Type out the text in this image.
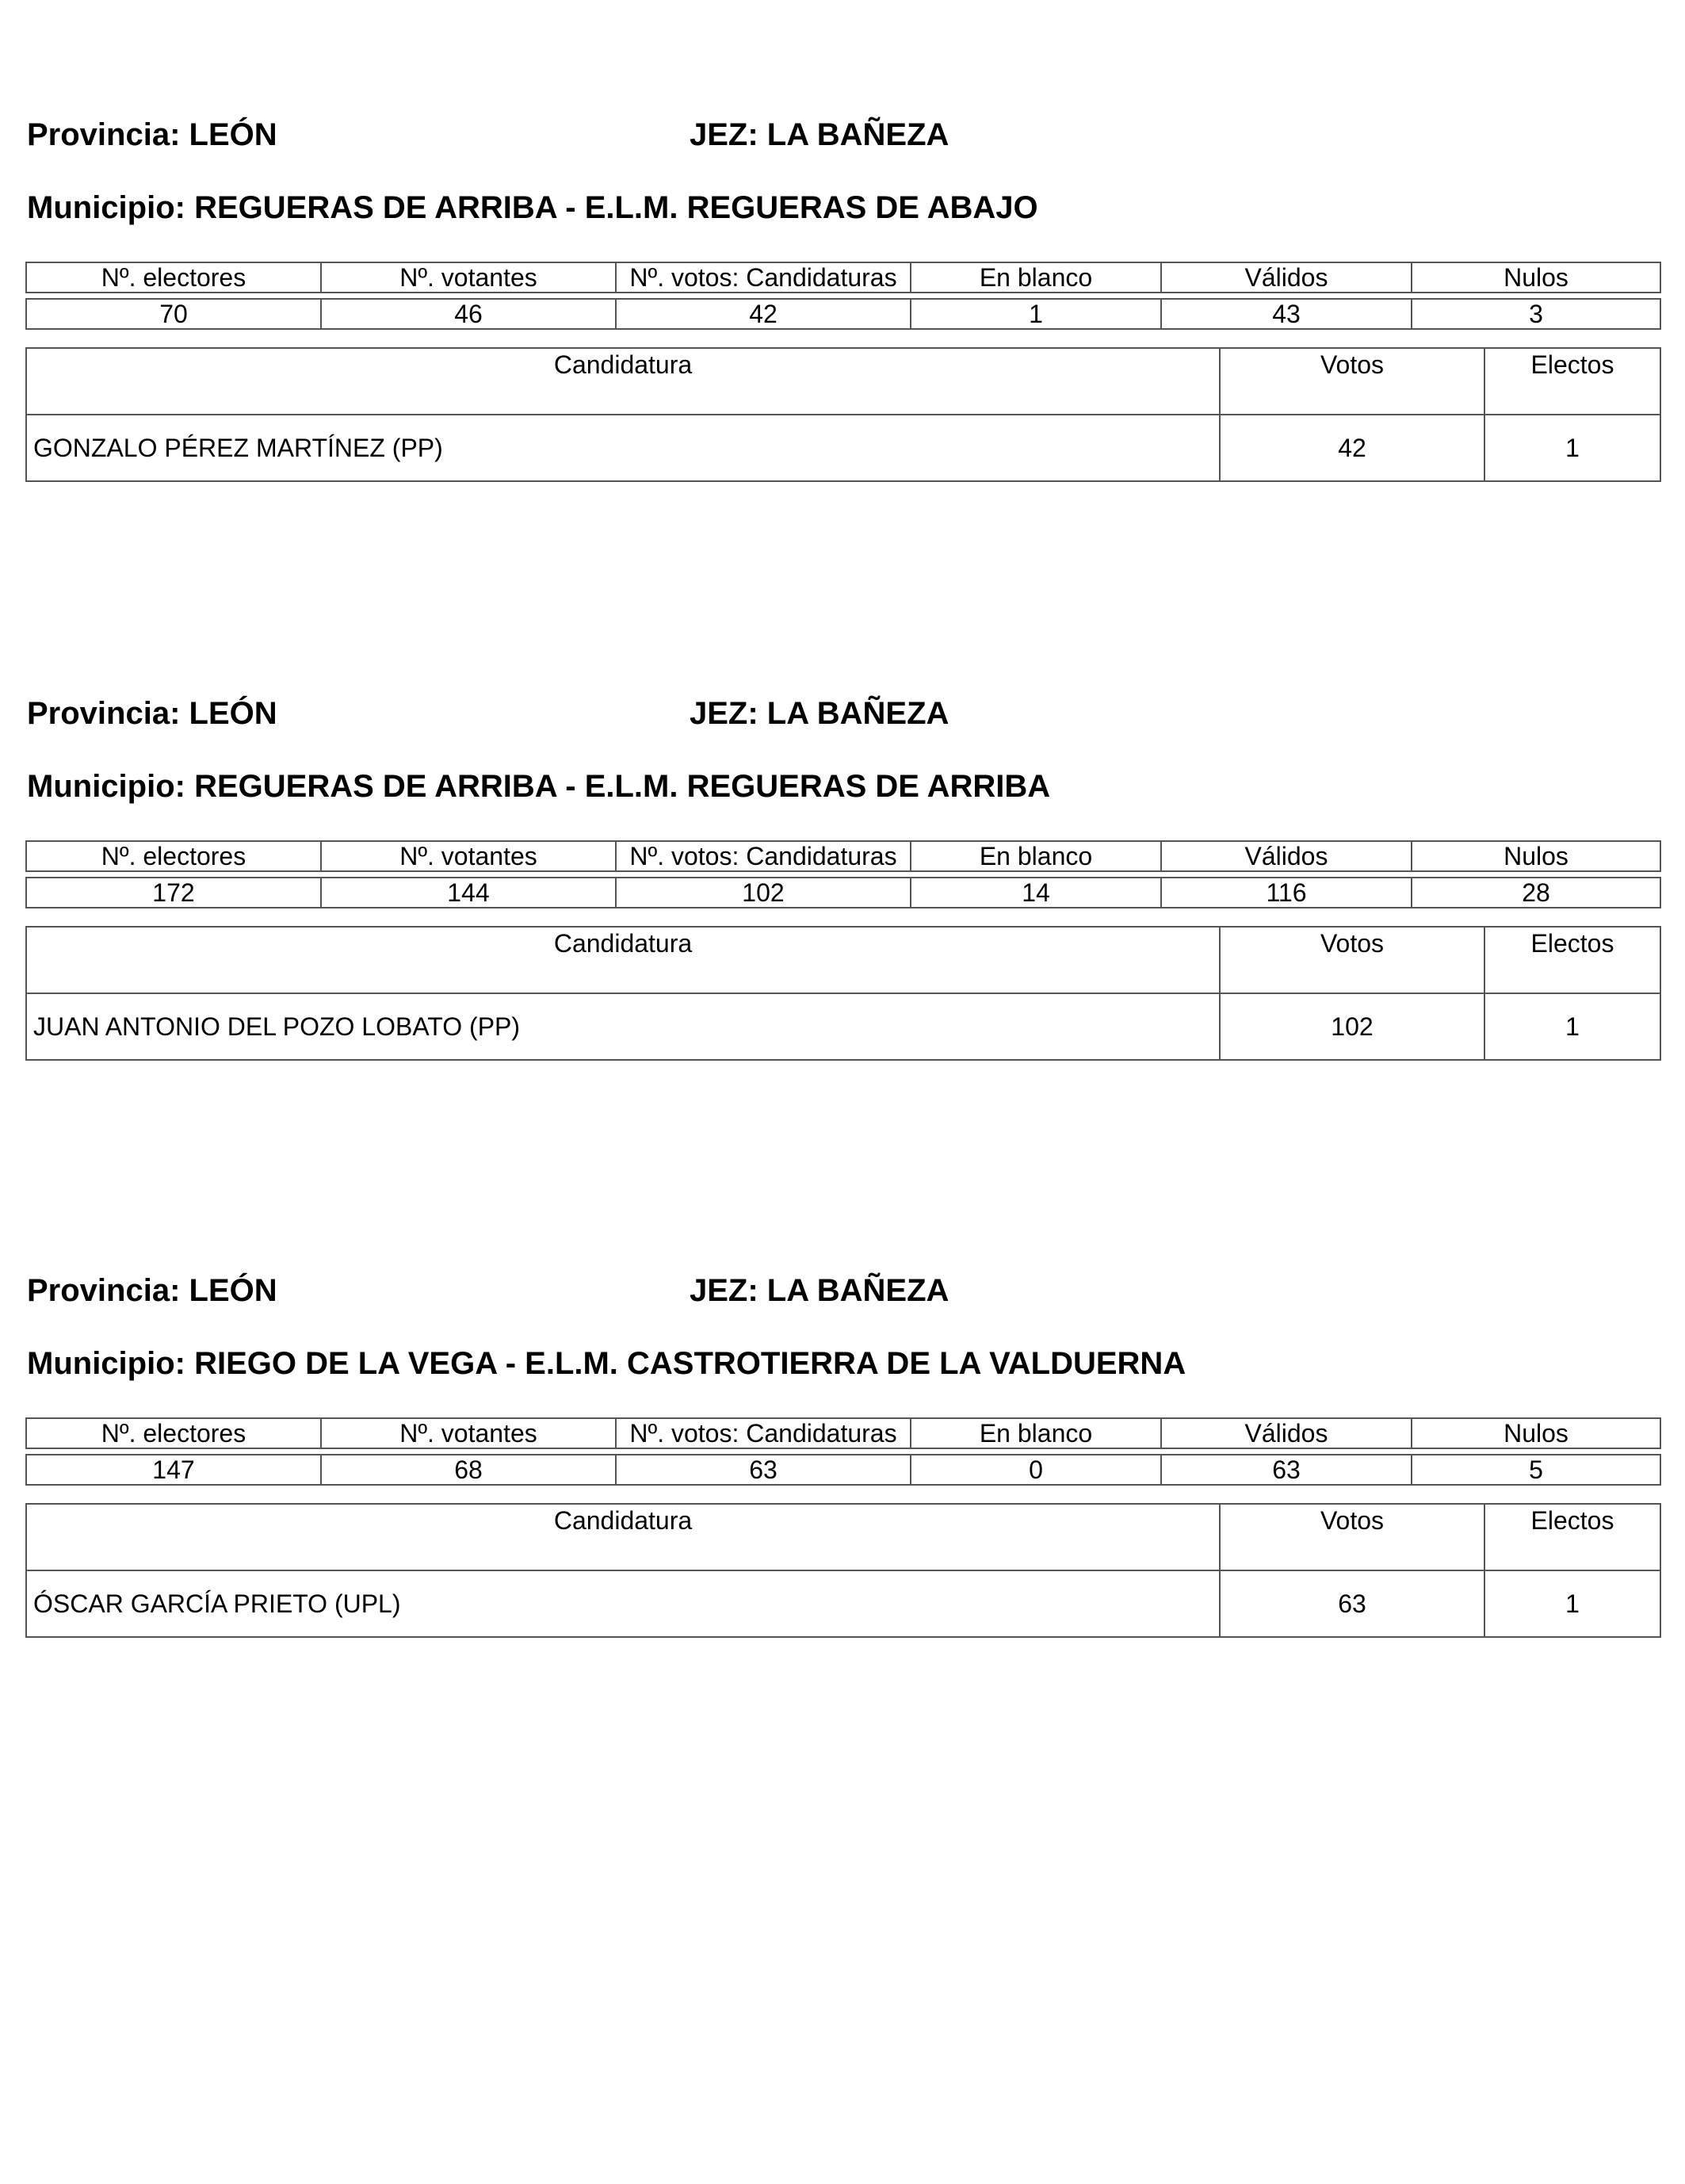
Provincia: LEÓN	JEZ: LA BAÑEZA
Municipio: REGUERAS DE ARRIBA - E.L.M. REGUERAS DE ABAJO
Nº. electores	Nº. votantes	Nº. votos: Candidaturas	En blanco	Válidos	Nulos

70	46	42	1	43	3
Candidatura	Votos	Electos
GONZALO PÉREZ MARTÍNEZ (PP)	42	1
Provincia: LEÓN	JEZ: LA BAÑEZA
Municipio: REGUERAS DE ARRIBA - E.L.M. REGUERAS DE ARRIBA
Nº. electores	Nº. votantes	Nº. votos: Candidaturas	En blanco	Válidos	Nulos

172	144	102	14	116	28
Candidatura	Votos	Electos
JUAN ANTONIO DEL POZO LOBATO (PP)	102	1
Provincia: LEÓN	JEZ: LA BAÑEZA
Municipio: RIEGO DE LA VEGA - E.L.M. CASTROTIERRA DE LA VALDUERNA
Nº. electores	Nº. votantes	Nº. votos: Candidaturas	En blanco	Válidos	Nulos

147	68	63	0	63	5
Candidatura	Votos	Electos
ÓSCAR GARCÍA PRIETO (UPL)	63	1
